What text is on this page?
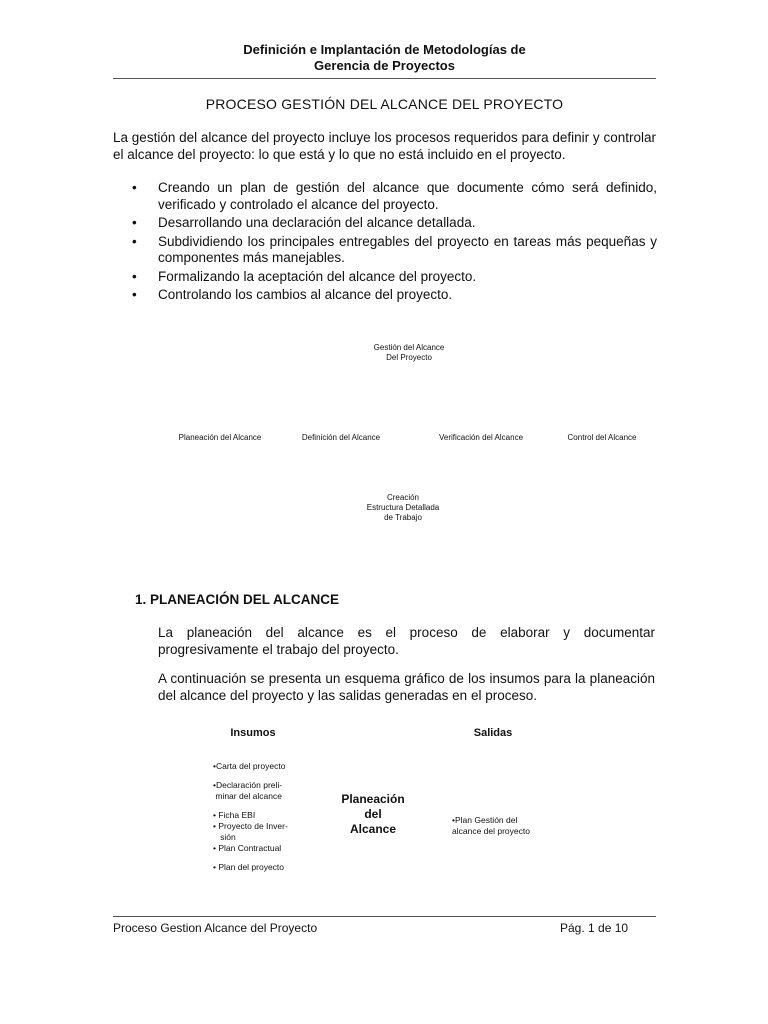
Definición e Implantación de Metodologías de
Gerencia de Proyectos
PROCESO GESTIÓN DEL ALCANCE DEL PROYECTO
La gestión del alcance del proyecto incluye los procesos requeridos para definir y controlar el alcance del proyecto: lo que está y lo que no está incluido en el proyecto.
• Creando un plan de gestión del alcance que documente cómo será definido, verificado y controlado el alcance del proyecto.
• Desarrollando una declaración del alcance detallada.
• Subdividiendo los principales entregables del proyecto en tareas más pequeñas y componentes más manejables.
• Formalizando la aceptación del alcance del proyecto.
• Controlando los cambios al alcance del proyecto.
Gestión del Alcance
Del Proyecto
Planeación del Alcance	Definición del Alcance	Verificación del Alcance	Control del Alcance
Creación
Estructura Detallada
de Trabajo
1. PLANEACIÓN DEL ALCANCE
La planeación del alcance es el proceso de elaborar y documentar progresivamente el trabajo del proyecto.
A continuación se presenta un esquema gráfico de los insumos para la planeación del alcance del proyecto y las salidas generadas en el proceso.
Insumos	Salidas
•Carta del proyecto
•Declaración preli-
minar del alcance
• Ficha EBI
• Proyecto de Inver-
sión
• Plan Contractual
• Plan del proyecto
Planeación
del
Alcance
•Plan Gestión del
alcance del proyecto
Proceso Gestion Alcance del Proyecto	Pág. 1 de 10
